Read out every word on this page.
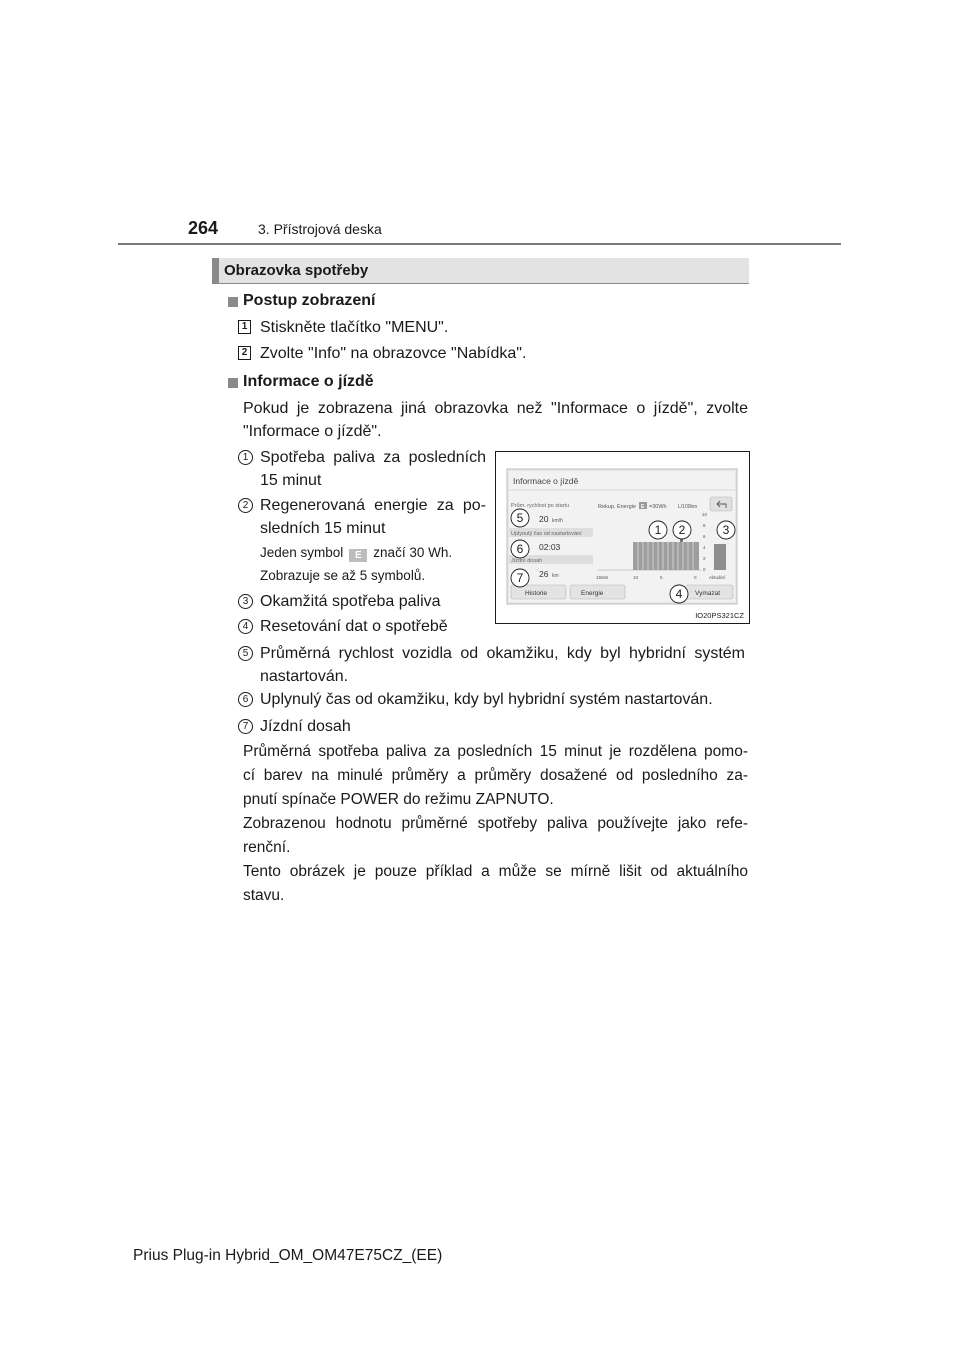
264	3. Přístrojová deska
Obrazovka spotřeby
Postup zobrazení
1 Stiskněte tlačítko "MENU".
2 Zvolte "Info" na obrazovce "Nabídka".
Informace o jízdě
Pokud je zobrazena jiná obrazovka než "Informace o jízdě", zvolte
"Informace o jízdě".
1 Spotřeba paliva za posledních
15 minut
2 Regenerovaná energie za po-
sledních 15 minut
Jeden symbol E značí 30 Wh.
Zobrazuje se až 5 symbolů.
3 Okamžitá spotřeba paliva
4 Resetování dat o spotřebě
5 Průměrná rychlost vozidla od okamžiku, kdy byl hybridní systém
nastartován.
6 Uplynulý čas od okamžiku, kdy byl hybridní systém nastartován.
7 Jízdní dosah
Průměrná spotřeba paliva za posledních 15 minut je rozdělena pomo-
cí barev na minulé průměry a průměry dosažené od posledního za-
pnutí spínače POWER do režimu ZAPNUTO.
Zobrazenou hodnotu průměrné spotřeby paliva používejte jako refe-
renční.
Tento obrázek je pouze příklad a může se mírně lišit od aktuálního
stavu.
Informace o jízdě
Prům. rychlost po startu
20 km/h
Uplynulý čas od nastartování
02:03
Jízdní dosah
26 km
Rekup. Energie E =30Wh L/100km
10
8
6
4
2
0
15Min	10	5	0	Aktuální
Historie	Energie	Vymazat
5
6
7
1 2	3
4
IO20PS321CZ
Prius Plug-in Hybrid_OM_OM47E75CZ_(EE)
